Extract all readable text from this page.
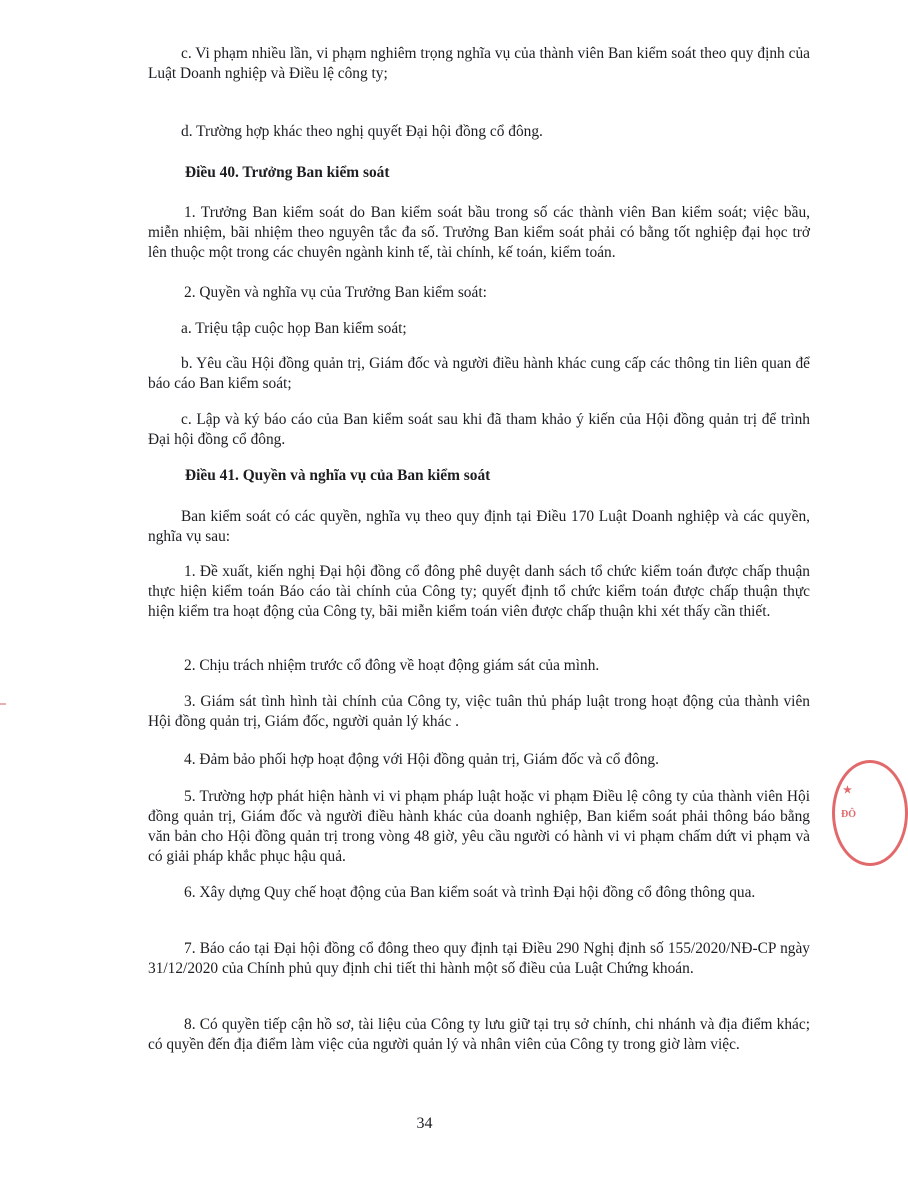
c. Vi phạm nhiều lần, vi phạm nghiêm trọng nghĩa vụ của thành viên Ban kiểm soát theo quy định của Luật Doanh nghiệp và Điều lệ công ty;

d. Trường hợp khác theo nghị quyết Đại hội đồng cổ đông.

Điều 40. Trưởng Ban kiểm soát

1. Trưởng Ban kiểm soát do Ban kiểm soát bầu trong số các thành viên Ban kiểm soát; việc bầu, miễn nhiệm, bãi nhiệm theo nguyên tắc đa số. Trưởng Ban kiểm soát phải có bằng tốt nghiệp đại học trở lên thuộc một trong các chuyên ngành kinh tế, tài chính, kế toán, kiểm toán.

2. Quyền và nghĩa vụ của Trưởng Ban kiểm soát:

a. Triệu tập cuộc họp Ban kiểm soát;

b. Yêu cầu Hội đồng quản trị, Giám đốc và người điều hành khác cung cấp các thông tin liên quan để báo cáo Ban kiểm soát;

c. Lập và ký báo cáo của Ban kiểm soát sau khi đã tham khảo ý kiến của Hội đồng quản trị để trình Đại hội đồng cổ đông.

Điều 41. Quyền và nghĩa vụ của Ban kiểm soát

Ban kiểm soát có các quyền, nghĩa vụ theo quy định tại Điều 170 Luật Doanh nghiệp và các quyền, nghĩa vụ sau:

1. Đề xuất, kiến nghị Đại hội đồng cổ đông phê duyệt danh sách tổ chức kiểm toán được chấp thuận thực hiện kiểm toán Báo cáo tài chính của Công ty; quyết định tổ chức kiểm toán được chấp thuận thực hiện kiểm tra hoạt động của Công ty, bãi miễn kiểm toán viên được chấp thuận khi xét thấy cần thiết.

2. Chịu trách nhiệm trước cổ đông về hoạt động giám sát của mình.

3. Giám sát tình hình tài chính của Công ty, việc tuân thủ pháp luật trong hoạt động của thành viên Hội đồng quản trị, Giám đốc, người quản lý khác .

4. Đảm bảo phối hợp hoạt động với Hội đồng quản trị, Giám đốc và cổ đông.

5. Trường hợp phát hiện hành vi vi phạm pháp luật hoặc vi phạm Điều lệ công ty của thành viên Hội đồng quản trị, Giám đốc và người điều hành khác của doanh nghiệp, Ban kiểm soát phải thông báo bằng văn bản cho Hội đồng quản trị trong vòng 48 giờ, yêu cầu người có hành vi vi phạm chấm dứt vi phạm và có giải pháp khắc phục hậu quả.

6. Xây dựng Quy chế hoạt động của Ban kiểm soát và trình Đại hội đồng cổ đông thông qua.

7. Báo cáo tại Đại hội đồng cổ đông theo quy định tại Điều 290 Nghị định số 155/2020/NĐ-CP ngày 31/12/2020 của Chính phủ quy định chi tiết thi hành một số điều của Luật Chứng khoán.

8. Có quyền tiếp cận hồ sơ, tài liệu của Công ty lưu giữ tại trụ sở chính, chi nhánh và địa điểm khác; có quyền đến địa điểm làm việc của người quản lý và nhân viên của Công ty trong giờ làm việc.

34
★
ĐÔ
